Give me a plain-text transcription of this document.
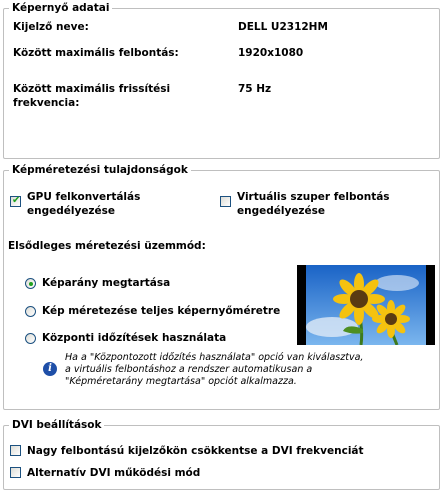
Képernyő adatai
Kijelző neve:	DELL U2312HM
Között maximális felbontás:	1920x1080
Között maximális frissítési frekvencia:
75 Hz
Képméretezési tulajdonságok
✔ GPU felkonvertálás engedélyezése
Virtuális szuper felbontás engedélyezése
Elsődleges méretezési üzemmód:
Képarány megtartása
Kép méretezése teljes képernyőméretre
Központi időzítések használata
i
Ha a "Központozott időzítés használata" opció van kiválasztva, a virtuális felbontáshoz a rendszer automatikusan a "Képméretarány megtartása" opciót alkalmazza.
DVI beállítások
Nagy felbontású kijelzőkön csökkentse a DVI frekvenciát
Alternatív DVI működési mód
